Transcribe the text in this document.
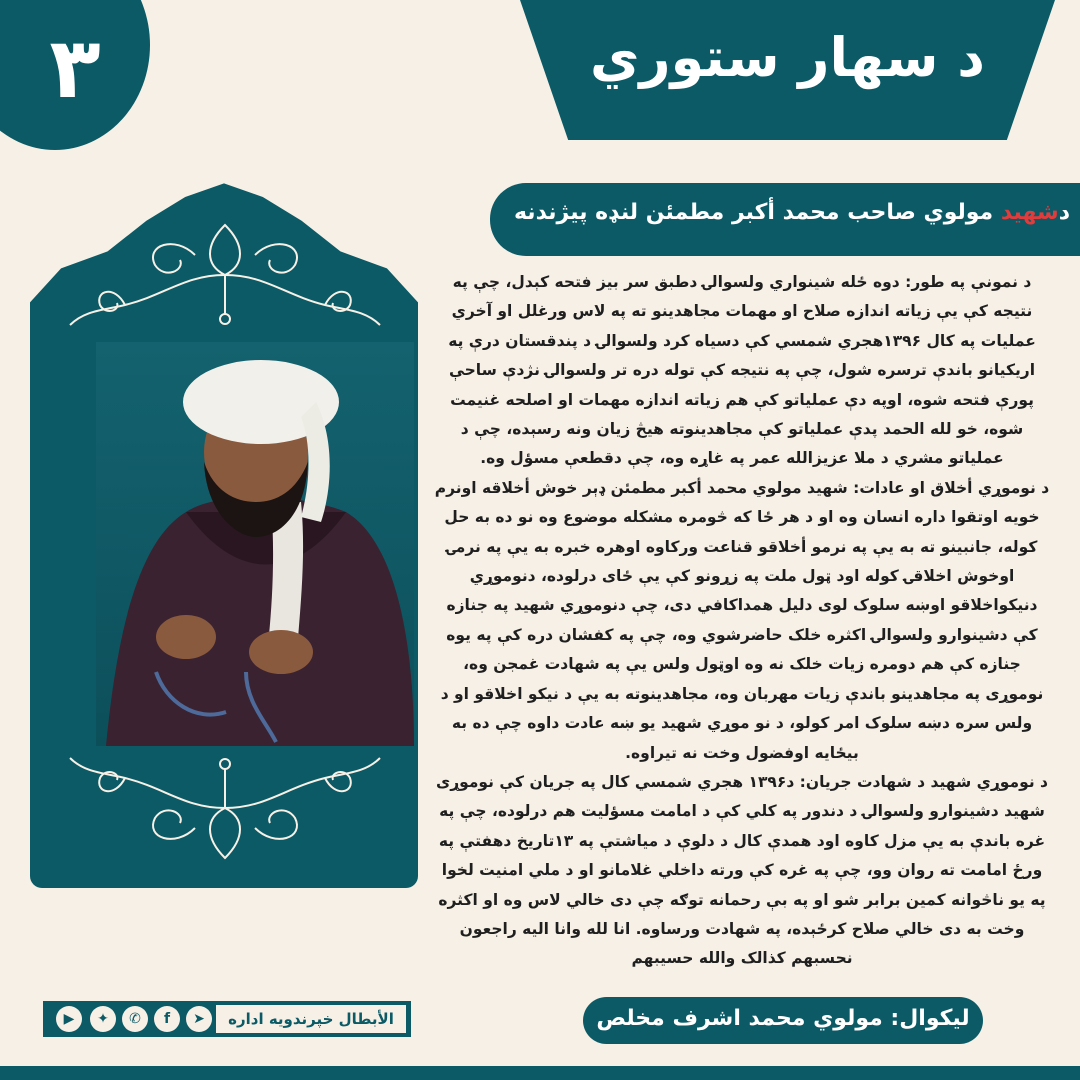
٣	د سهار ستوري
دشهيد مولوي صاحب محمد أکبر مطمئن لنډه پيژندنه

د نمونې په طور: دوه ځله شينواري ولسوالۍ دطبق سر بيز فتحه کېدل، چې په نتيجه کې يې زياته اندازه صلاح او مهمات مجاهدينو ته په لاس ورغلل او آخري عمليات په کال ۱۳۹۶هجري شمسي کې دسياه کرد ولسوالۍ د پندقستان درې په اريکيانو باندې ترسره شول، چې په نتيجه کې توله دره تر ولسوالۍ نژدې ساحې پورې فتحه شوه، اوپه دې عملياتو کې هم زياته اندازه مهمات او اصلحه غنيمت شوه، خو لله الحمد پدې عملياتو کې مجاهدينوته هيڅ زيان ونه رسېده، چې د عملياتو مشري د ملا عزيزالله عمر په غاړه وه، چې دقطعې مسؤل وه.

د نوموړي أخلاق او عادات: شهيد مولوي محمد أکبر مطمئن ډېر خوش أخلاقه اونرم خويه اوتقوا داره انسان وه او د هر ځا که څومره مشکله موضوع وه نو ده به حل کوله، جانبينو ته به يې په نرمو أخلاقو قناعت ورکاوه اوهره خبره به يې په نرمۍ اوخوش اخلاقۍ کوله اود ټول ملت په زړونو کې يې ځای درلوده، دنوموړي دنيکواخلاقو اوښه سلوک لوی دليل همداکافي دی، چې دنوموړي شهيد په جنازه کې دشينوارو ولسوالۍ اکثره خلک حاضرشوي وه، چې په کفشان دره کې په يوه جنازه کې هم دومره زيات خلک نه وه اوټول ولس يې په شهادت غمجن وه، نوموړی په مجاهدينو باندې زيات مهربان وه، مجاهدينوته به يې د نيکو اخلاقو او د ولس سره دښه سلوک امر کولو، د نو موړي شهيد يو ښه عادت داوه چې ده به بيځايه اوفضول وخت نه تيراوه.

د نوموړي شهيد د شهادت جريان: د۱۳۹۶ هجري شمسي کال په جريان کې نوموړی شهيد دشينوارو ولسوالۍ د دندور په کلي کې د امامت مسؤليت هم درلوده، چې په غره باندې به يې مزل کاوه اود همدې کال د دلوې د مياشتې په ۱۳تاريخ دهفتې په ورځ امامت ته روان وو، چې په غره کې ورته داخلي غلامانو او د ملي امنيت لخوا په يو ناڅوانه کمين برابر شو او په بې رحمانه توګه چې دی خالي لاس وه او اکثره وخت به دی خالي صلاح کرځېده، په شهادت ورساوه. انا لله وانا اليه راجعون

نحسبهم کذالک والله حسيبهم

ليکوال: مولوي محمد اشرف مخلص
الأبطال خپرندويه اداره
➤
f
✆
✦
▶
